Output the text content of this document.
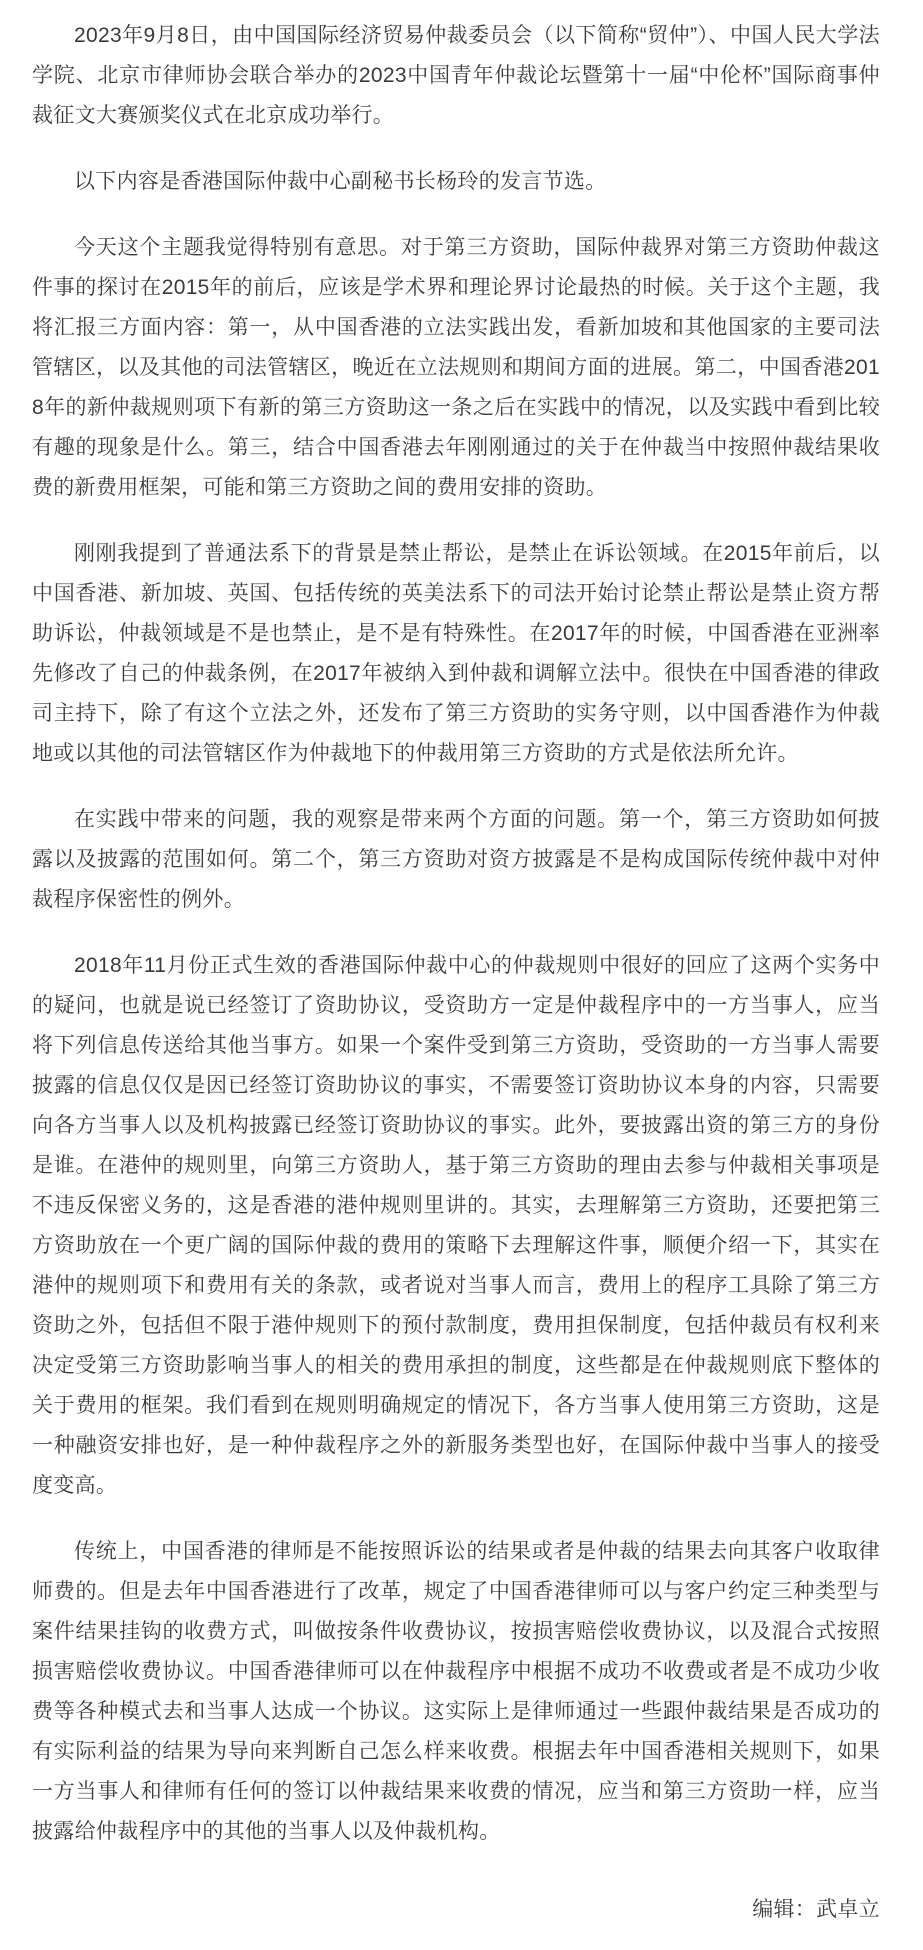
2023年9月8日，由中国国际经济贸易仲裁委员会（以下简称“贸仲”）、中国人民大学法学院、北京市律师协会联合举办的2023中国青年仲裁论坛暨第十一届“中伦杯”国际商事仲裁征文大赛颁奖仪式在北京成功举行。

以下内容是香港国际仲裁中心副秘书长杨玲的发言节选。

今天这个主题我觉得特别有意思。对于第三方资助，国际仲裁界对第三方资助仲裁这件事的探讨在2015年的前后，应该是学术界和理论界讨论最热的时候。关于这个主题，我将汇报三方面内容：第一，从中国香港的立法实践出发，看新加坡和其他国家的主要司法管辖区，以及其他的司法管辖区，晚近在立法规则和期间方面的进展。第二，中国香港2018年的新仲裁规则项下有新的第三方资助这一条之后在实践中的情况，以及实践中看到比较有趣的现象是什么。第三，结合中国香港去年刚刚通过的关于在仲裁当中按照仲裁结果收费的新费用框架，可能和第三方资助之间的费用安排的资助。

刚刚我提到了普通法系下的背景是禁止帮讼，是禁止在诉讼领域。在2015年前后，以中国香港、新加坡、英国、包括传统的英美法系下的司法开始讨论禁止帮讼是禁止资方帮助诉讼，仲裁领域是不是也禁止，是不是有特殊性。在2017年的时候，中国香港在亚洲率先修改了自己的仲裁条例，在2017年被纳入到仲裁和调解立法中。很快在中国香港的律政司主持下，除了有这个立法之外，还发布了第三方资助的实务守则，以中国香港作为仲裁地或以其他的司法管辖区作为仲裁地下的仲裁用第三方资助的方式是依法所允许。

在实践中带来的问题，我的观察是带来两个方面的问题。第一个，第三方资助如何披露以及披露的范围如何。第二个，第三方资助对资方披露是不是构成国际传统仲裁中对仲裁程序保密性的例外。

2018年11月份正式生效的香港国际仲裁中心的仲裁规则中很好的回应了这两个实务中的疑问，也就是说已经签订了资助协议，受资助方一定是仲裁程序中的一方当事人，应当将下列信息传送给其他当事方。如果一个案件受到第三方资助，受资助的一方当事人需要披露的信息仅仅是因已经签订资助协议的事实，不需要签订资助协议本身的内容，只需要向各方当事人以及机构披露已经签订资助协议的事实。此外，要披露出资的第三方的身份是谁。在港仲的规则里，向第三方资助人，基于第三方资助的理由去参与仲裁相关事项是不违反保密义务的，这是香港的港仲规则里讲的。其实，去理解第三方资助，还要把第三方资助放在一个更广阔的国际仲裁的费用的策略下去理解这件事，顺便介绍一下，其实在港仲的规则项下和费用有关的条款，或者说对当事人而言，费用上的程序工具除了第三方资助之外，包括但不限于港仲规则下的预付款制度，费用担保制度，包括仲裁员有权利来决定受第三方资助影响当事人的相关的费用承担的制度，这些都是在仲裁规则底下整体的关于费用的框架。我们看到在规则明确规定的情况下，各方当事人使用第三方资助，这是一种融资安排也好，是一种仲裁程序之外的新服务类型也好，在国际仲裁中当事人的接受度变高。

传统上，中国香港的律师是不能按照诉讼的结果或者是仲裁的结果去向其客户收取律师费的。但是去年中国香港进行了改革，规定了中国香港律师可以与客户约定三种类型与案件结果挂钩的收费方式，叫做按条件收费协议，按损害赔偿收费协议，以及混合式按照损害赔偿收费协议。中国香港律师可以在仲裁程序中根据不成功不收费或者是不成功少收费等各种模式去和当事人达成一个协议。这实际上是律师通过一些跟仲裁结果是否成功的有实际利益的结果为导向来判断自己怎么样来收费。根据去年中国香港相关规则下，如果一方当事人和律师有任何的签订以仲裁结果来收费的情况，应当和第三方资助一样，应当披露给仲裁程序中的其他的当事人以及仲裁机构。

编辑：武卓立
